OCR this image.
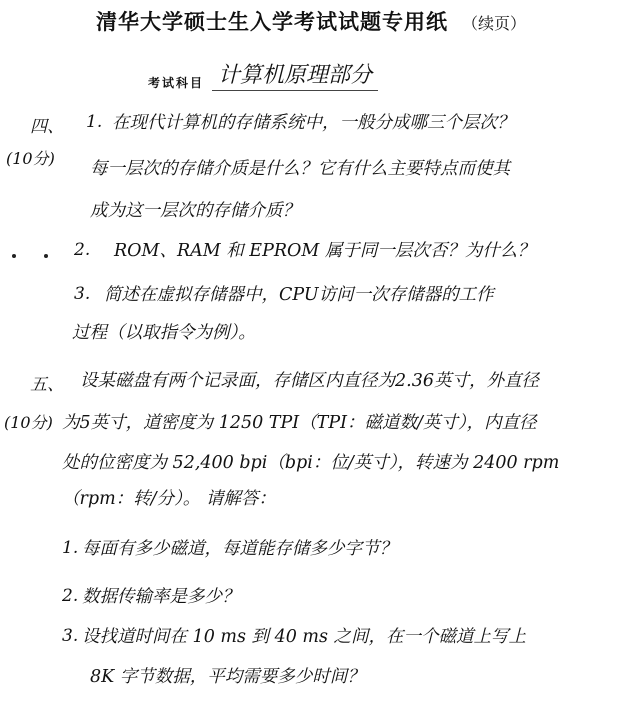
清华大学硕士生入学考试试题专用纸 （续页）
考试科目 计算机原理部分
四、
(10分)
1. 在现代计算机的存储系统中，一般分成哪三个层次？
每一层次的存储介质是什么？它有什么主要特点而使其
成为这一层次的存储介质？
2. ROM、RAM 和 EPROM 属于同一层次否？为什么？
3. 简述在虚拟存储器中，CPU访问一次存储器的工作
过程（以取指令为例）。
五、
(10分)
设某磁盘有两个记录面，存储区内直径为2.36英寸，外直径
为5英寸，道密度为 1250 TPI（TPI：磁道数/英寸），内直径
处的位密度为 52,400 bpi（bpi：位/英寸），转速为 2400 rpm
（rpm：转/分）。 请解答：
1. 每面有多少磁道，每道能存储多少字节？
2. 数据传输率是多少？
3. 设找道时间在 10 ms 到 40 ms 之间，在一个磁道上写上
8K 字节数据，平均需要多少时间？
